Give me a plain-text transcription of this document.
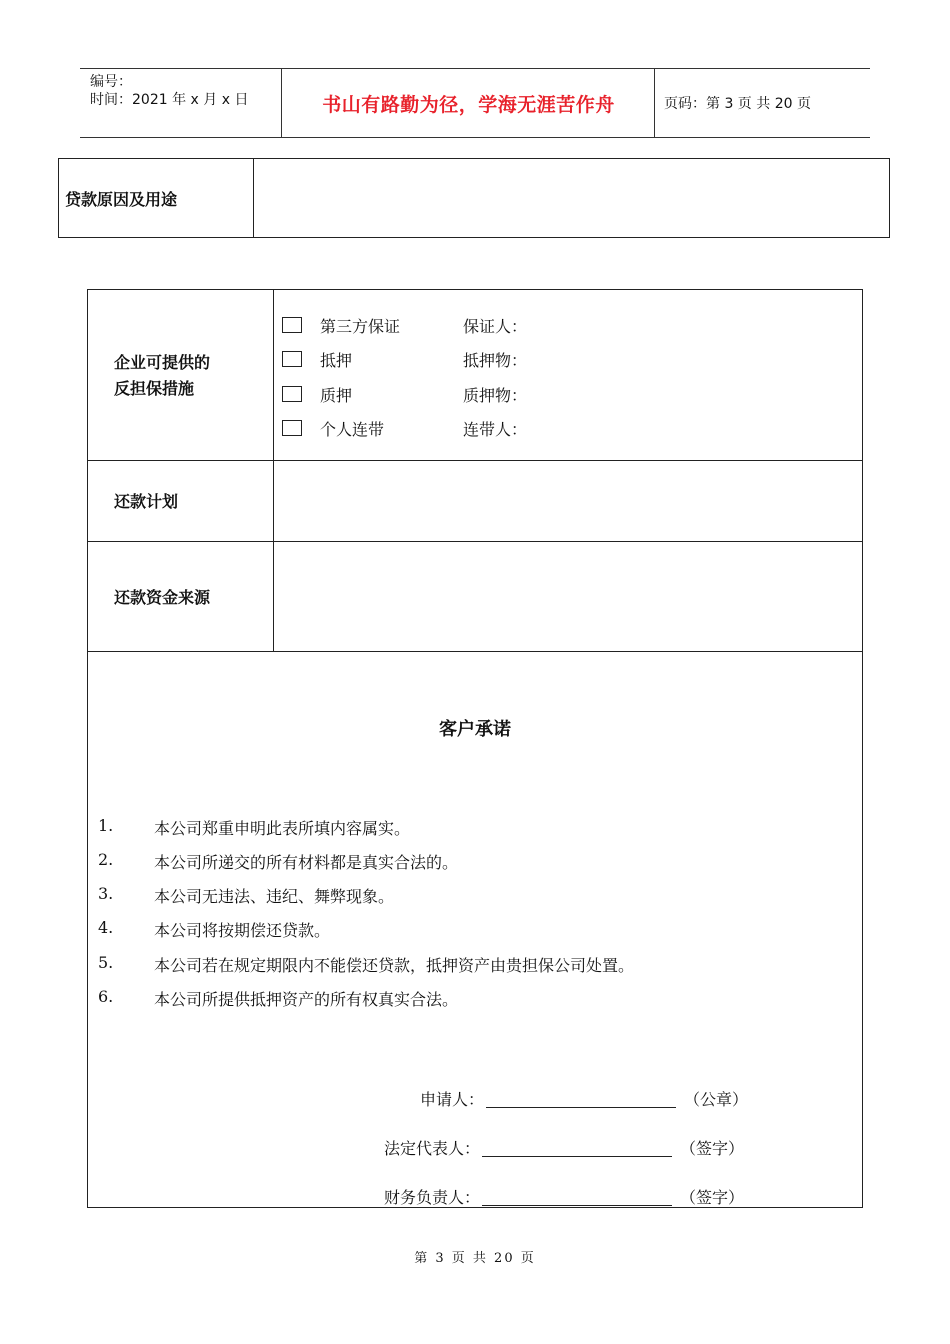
编号：
时间：2021 年 x 月 x 日	书山有路勤为径，学海无涯苦作舟	页码：第 3 页 共 20 页
贷款原因及用途
企业可提供的
反担保措施
第三方保证	保证人：
抵押	抵押物：
质押	质押物：
个人连带	连带人：
还款计划
还款资金来源
客户承诺
1.	本公司郑重申明此表所填内容属实。
2.	本公司所递交的所有材料都是真实合法的。
3.	本公司无违法、违纪、舞弊现象。
4.	本公司将按期偿还贷款。
5.	本公司若在规定期限内不能偿还贷款，抵押资产由贵担保公司处置。
6.	本公司所提供抵押资产的所有权真实合法。
申请人：	（公章）
法定代表人：	（签字）
财务负责人：	（签字）
第 3 页 共 20 页
